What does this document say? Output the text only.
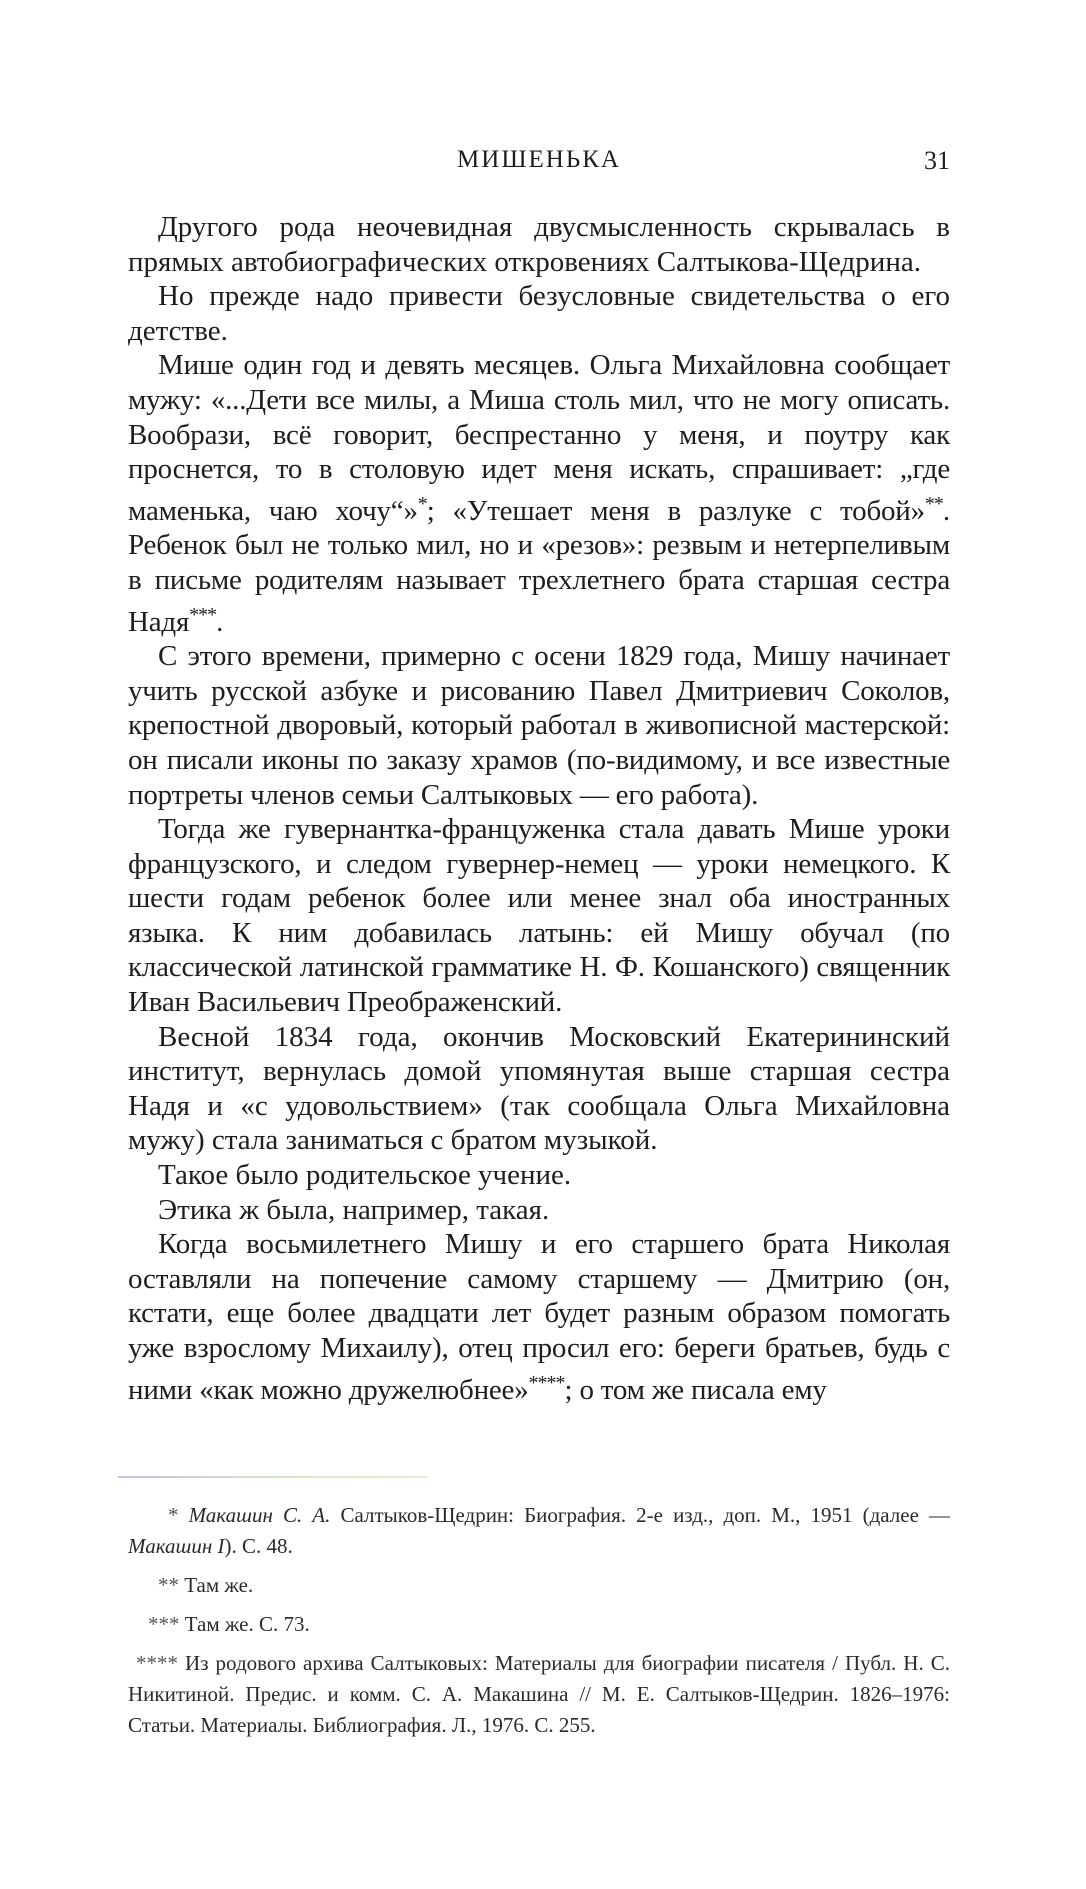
МИШЕНЬКА	31

Другого рода неочевидная двусмысленность скрывалась в прямых автобиографических откровениях Салтыкова-Щедрина.

Но прежде надо привести безусловные свидетельства о его детстве.

Мише один год и девять месяцев. Ольга Михайловна сообщает мужу: «...Дети все милы, а Миша столь мил, что не могу описать. Вообрази, всё говорит, беспрестанно у меня, и поутру как проснется, то в столовую идет меня искать, спрашивает: „где маменька, чаю хочу“»*; «Утешает меня в разлуке с тобой»**. Ребенок был не только мил, но и «резов»: резвым и нетерпеливым в письме родителям называет трехлетнего брата старшая сестра Надя***.

С этого времени, примерно с осени 1829 года, Мишу начинает учить русской азбуке и рисованию Павел Дмитриевич Соколов, крепостной дворовый, который работал в живописной мастерской: он писали иконы по заказу храмов (по-видимому, и все известные портреты членов семьи Салтыковых — его работа).

Тогда же гувернантка-француженка стала давать Мише уроки французского, и следом гувернер-немец — уроки немецкого. К шести годам ребенок более или менее знал оба иностранных языка. К ним добавилась латынь: ей Мишу обучал (по классической латинской грамматике Н. Ф. Кошанского) священник Иван Васильевич Преображенский.

Весной 1834 года, окончив Московский Екатерининский институт, вернулась домой упомянутая выше старшая сестра Надя и «с удовольствием» (так сообщала Ольга Михайловна мужу) стала заниматься с братом музыкой.

Такое было родительское учение.

Этика ж была, например, такая.

Когда восьмилетнего Мишу и его старшего брата Николая оставляли на попечение самому старшему — Дмитрию (он, кстати, еще более двадцати лет будет разным образом помогать уже взрослому Михаилу), отец просил его: береги братьев, будь с ними «как можно дружелюбнее»****; о том же писала ему

* Макашин С. А. Салтыков-Щедрин: Биография. 2-е изд., доп. М., 1951 (далее — Макашин I). С. 48.

** Там же.

*** Там же. С. 73.

**** Из родового архива Салтыковых: Материалы для биографии писателя / Публ. Н. С. Никитиной. Предис. и комм. С. А. Макашина // М. Е. Салтыков-Щедрин. 1826–1976: Статьи. Материалы. Библиография. Л., 1976. С. 255.
